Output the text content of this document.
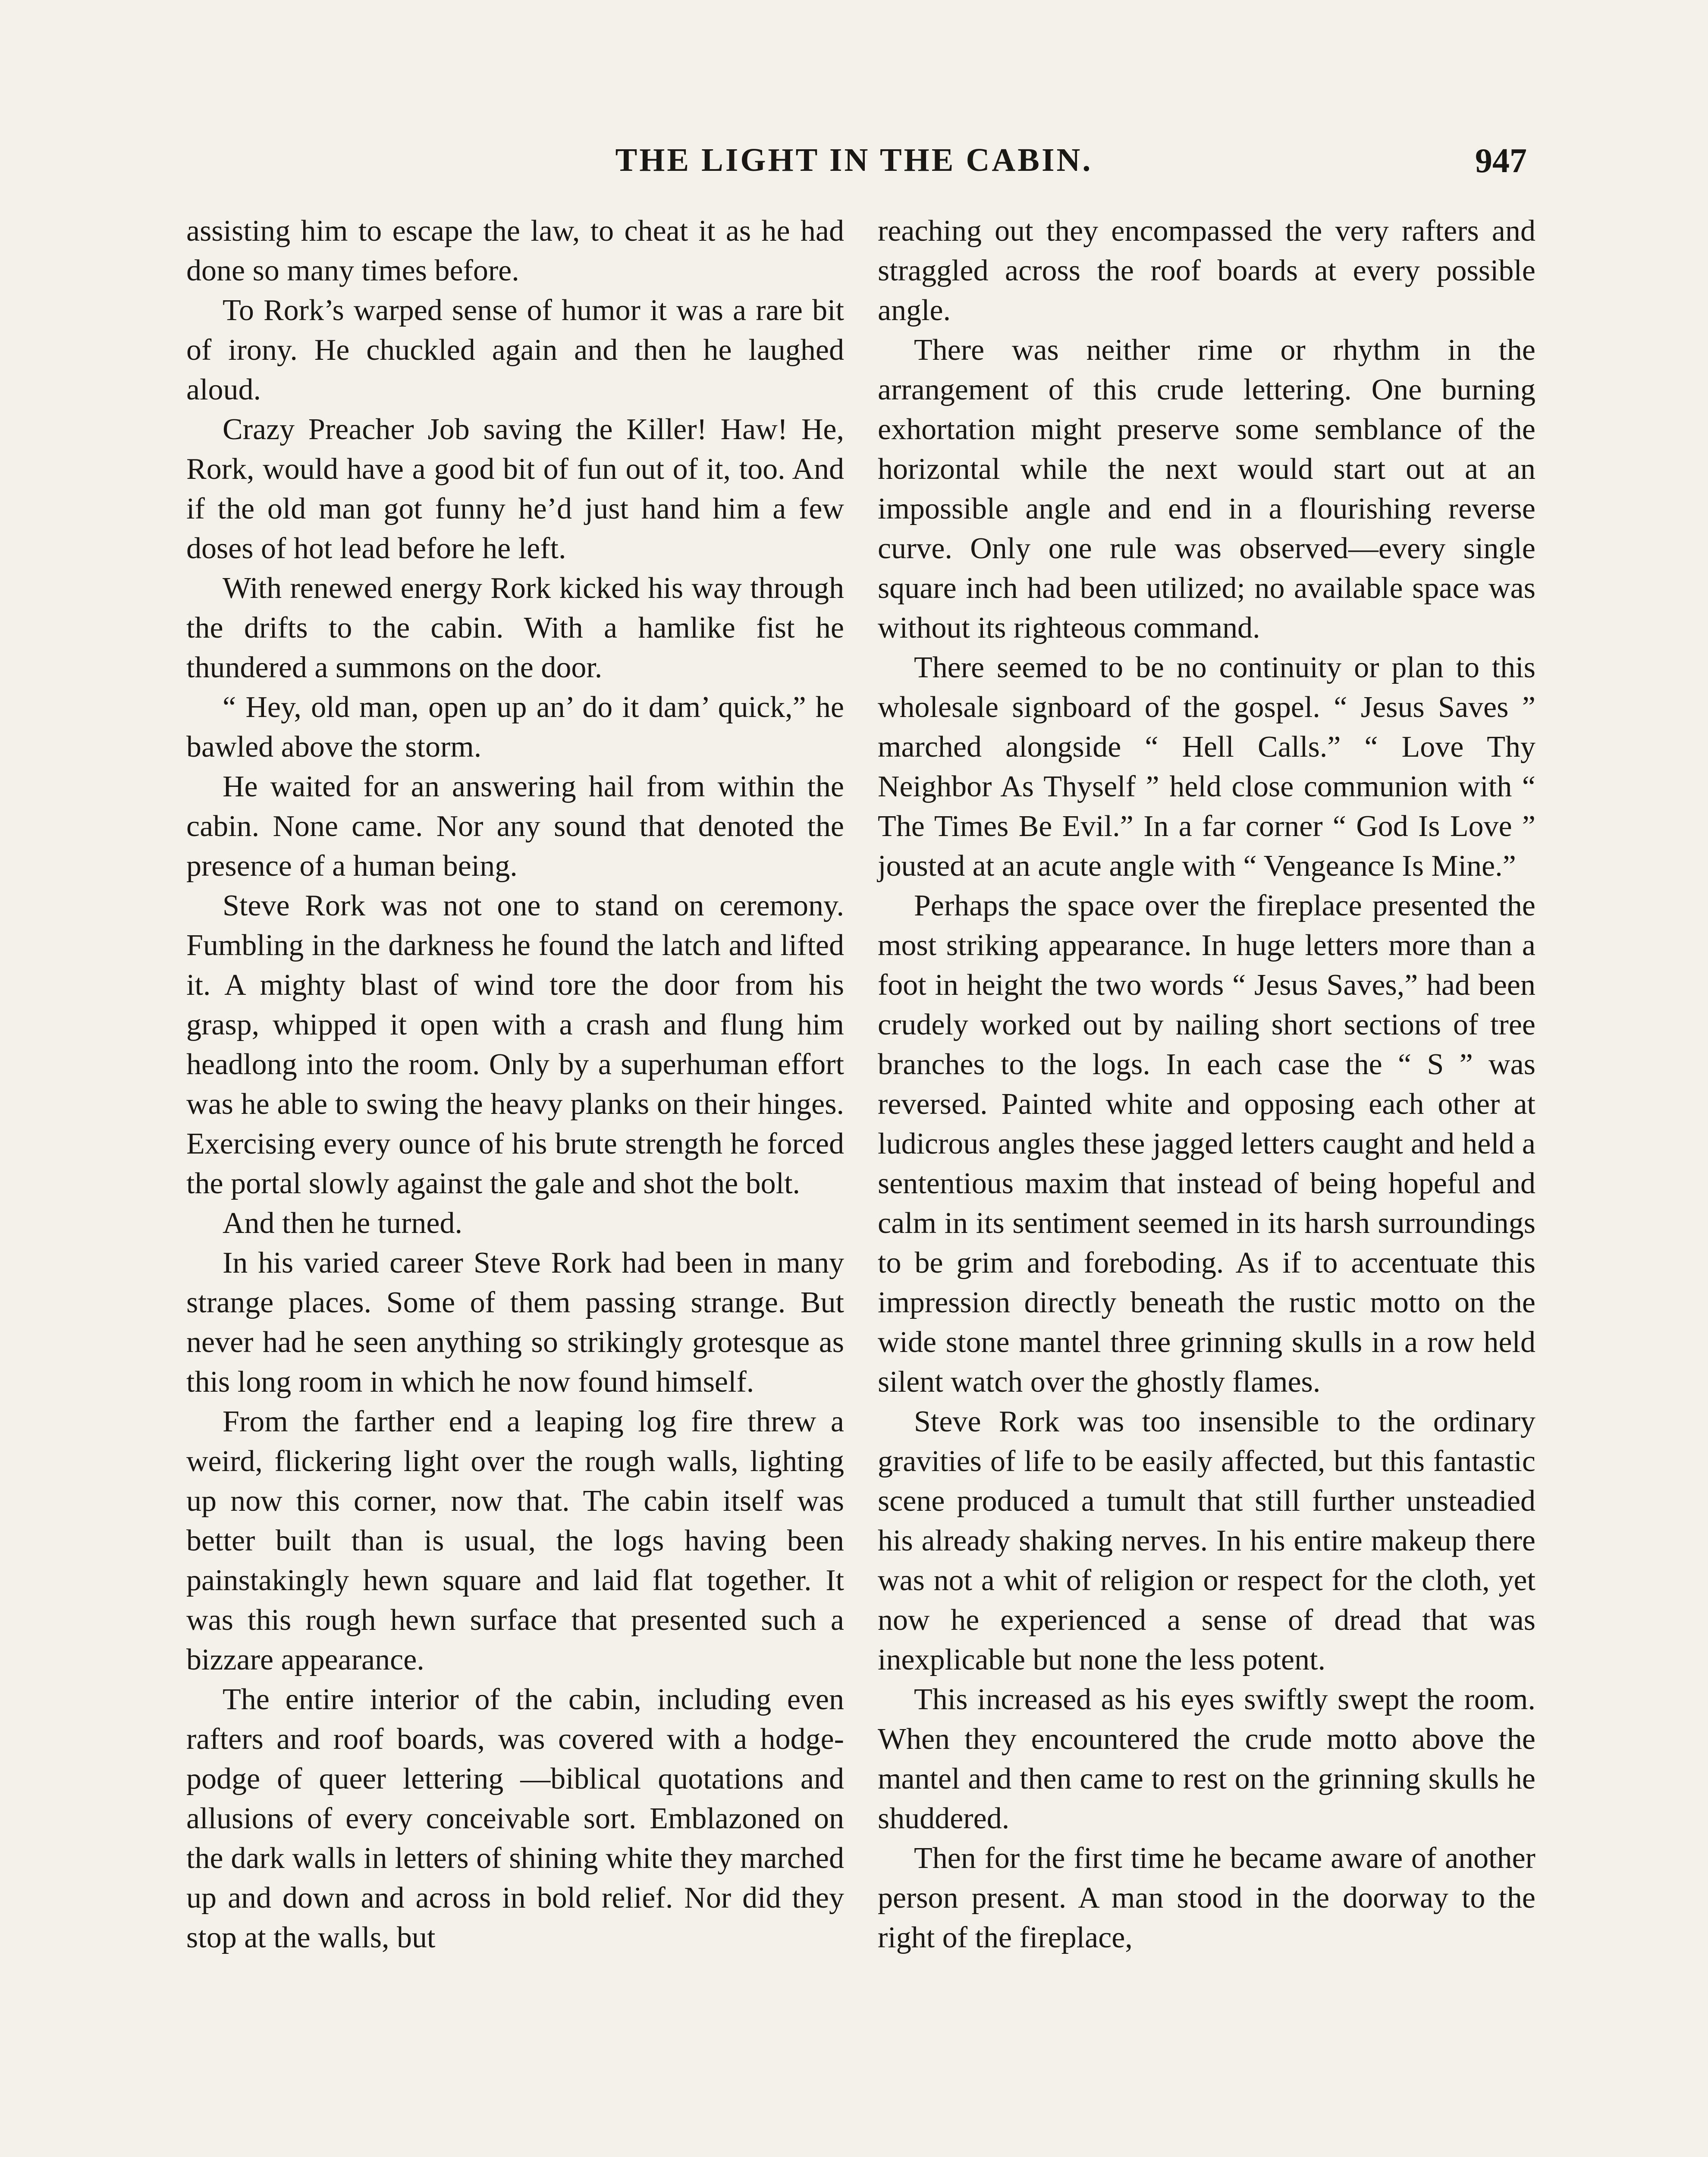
THE LIGHT IN THE CABIN.	947

assisting him to escape the law, to cheat it as he had done so many times before.

To Rork’s warped sense of humor it was a rare bit of irony. He chuckled again and then he laughed aloud.

Crazy Preacher Job saving the Killer! Haw! He, Rork, would have a good bit of fun out of it, too. And if the old man got funny he’d just hand him a few doses of hot lead before he left.

With renewed energy Rork kicked his way through the drifts to the cabin. With a hamlike fist he thundered a summons on the door.

“ Hey, old man, open up an’ do it dam’ quick,” he bawled above the storm.

He waited for an answering hail from within the cabin. None came. Nor any sound that denoted the presence of a human being.

Steve Rork was not one to stand on ceremony. Fumbling in the darkness he found the latch and lifted it. A mighty blast of wind tore the door from his grasp, whipped it open with a crash and flung him headlong into the room. Only by a superhuman effort was he able to swing the heavy planks on their hinges. Exercising every ounce of his brute strength he forced the portal slowly against the gale and shot the bolt.

And then he turned.

In his varied career Steve Rork had been in many strange places. Some of them passing strange. But never had he seen anything so strikingly grotesque as this long room in which he now found himself.

From the farther end a leaping log fire threw a weird, flickering light over the rough walls, lighting up now this corner, now that. The cabin itself was better built than is usual, the logs having been painstakingly hewn square and laid flat together. It was this rough hewn surface that presented such a bizzare appearance.

The entire interior of the cabin, including even rafters and roof boards, was covered with a hodge-podge of queer lettering —biblical quotations and allusions of every conceivable sort. Emblazoned on the dark walls in letters of shining white they marched up and down and across in bold relief. Nor did they stop at the walls, but

reaching out they encompassed the very rafters and straggled across the roof boards at every possible angle.

There was neither rime or rhythm in the arrangement of this crude lettering. One burning exhortation might preserve some semblance of the horizontal while the next would start out at an impossible angle and end in a flourishing reverse curve. Only one rule was observed—every single square inch had been utilized; no available space was without its righteous command.

There seemed to be no continuity or plan to this wholesale signboard of the gospel. “ Jesus Saves ” marched alongside “ Hell Calls.” “ Love Thy Neighbor As Thyself ” held close communion with “ The Times Be Evil.” In a far corner “ God Is Love ” jousted at an acute angle with “ Vengeance Is Mine.”

Perhaps the space over the fireplace presented the most striking appearance. In huge letters more than a foot in height the two words “ Jesus Saves,” had been crudely worked out by nailing short sections of tree branches to the logs. In each case the “ S ” was reversed. Painted white and opposing each other at ludicrous angles these jagged letters caught and held a sententious maxim that instead of being hopeful and calm in its sentiment seemed in its harsh surroundings to be grim and foreboding. As if to accentuate this impression directly beneath the rustic motto on the wide stone mantel three grinning skulls in a row held silent watch over the ghostly flames.

Steve Rork was too insensible to the ordinary gravities of life to be easily affected, but this fantastic scene produced a tumult that still further unsteadied his already shaking nerves. In his entire makeup there was not a whit of religion or respect for the cloth, yet now he experienced a sense of dread that was inexplicable but none the less potent.

This increased as his eyes swiftly swept the room. When they encountered the crude motto above the mantel and then came to rest on the grinning skulls he shuddered.

Then for the first time he became aware of another person present. A man stood in the doorway to the right of the fireplace,
